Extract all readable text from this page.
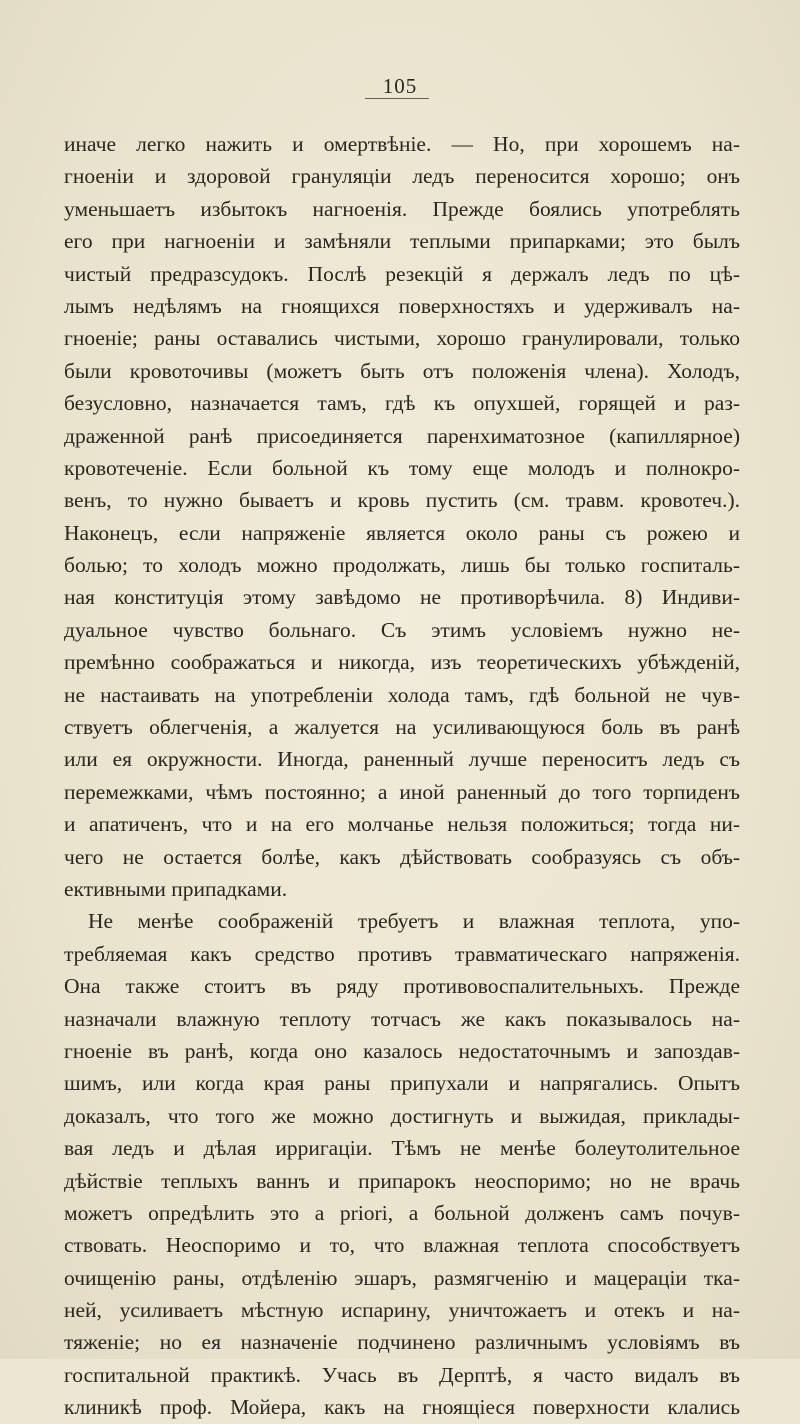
105
иначе легко нажить и омертвѣніе. — Но, при хорошемъ на-
гноеніи и здоровой грануляціи ледъ переносится хорошо; онъ
уменьшаетъ избытокъ нагноенія. Прежде боялись употреблять
его при нагноеніи и замѣняли теплыми припарками; это былъ
чистый предразсудокъ. Послѣ резекцій я держалъ ледъ по цѣ-
лымъ недѣлямъ на гноящихся поверхностяхъ и удерживалъ на-
гноеніе; раны оставались чистыми, хорошо гранулировали, только
были кровоточивы (можетъ быть отъ положенія члена). Холодъ,
безусловно, назначается тамъ, гдѣ къ опухшей, горящей и раз-
драженной ранѣ присоединяется паренхиматозное (капиллярное)
кровотеченіе. Если больной къ тому еще молодъ и полнокро-
венъ, то нужно бываетъ и кровь пустить (см. травм. кровотеч.).
Наконецъ, если напряженіе является около раны съ рожею и
болью; то холодъ можно продолжать, лишь бы только госпиталь-
ная конституція этому завѣдомо не противорѣчила. 8) Индиви-
дуальное чувство больнаго. Съ этимъ условіемъ нужно не-
премѣнно соображаться и никогда, изъ теоретическихъ убѣжденій,
не настаивать на употребленіи холода тамъ, гдѣ больной не чув-
ствуетъ облегченія, а жалуется на усиливающуюся боль въ ранѣ
или ея окружности. Иногда, раненный лучше переноситъ ледъ съ
перемежками, чѣмъ постоянно; а иной раненный до того торпиденъ
и апатиченъ, что и на его молчанье нельзя положиться; тогда ни-
чего не остается болѣе, какъ дѣйствовать сообразуясь съ объ-
ективными припадками.
Не менѣе соображеній требуетъ и влажная теплота, упо-
требляемая какъ средство противъ травматическаго напряженія.
Она также стоитъ въ ряду противовоспалительныхъ. Прежде
назначали влажную теплоту тотчасъ же какъ показывалось на-
гноеніе въ ранѣ, когда оно казалось недостаточнымъ и запоздав-
шимъ, или когда края раны припухали и напрягались. Опытъ
доказалъ, что того же можно достигнуть и выжидая, приклады-
вая ледъ и дѣлая ирригаціи. Тѣмъ не менѣе болеутолительное
дѣйствіе теплыхъ ваннъ и припарокъ неоспоримо; но не врачь
можетъ опредѣлить это a priori, а больной долженъ самъ почув-
ствовать. Неоспоримо и то, что влажная теплота способствуетъ
очищенію раны, отдѣленію эшаръ, размягченію и мацераціи тка-
ней, усиливаетъ мѣстную испарину, уничтожаетъ и отекъ и на-
тяженіе; но ея назначеніе подчинено различнымъ условіямъ въ
госпитальной практикѣ. Учась въ Дерптѣ, я часто видалъ въ
клиникѣ проф. Мойера, какъ на гноящіеся поверхности клались
